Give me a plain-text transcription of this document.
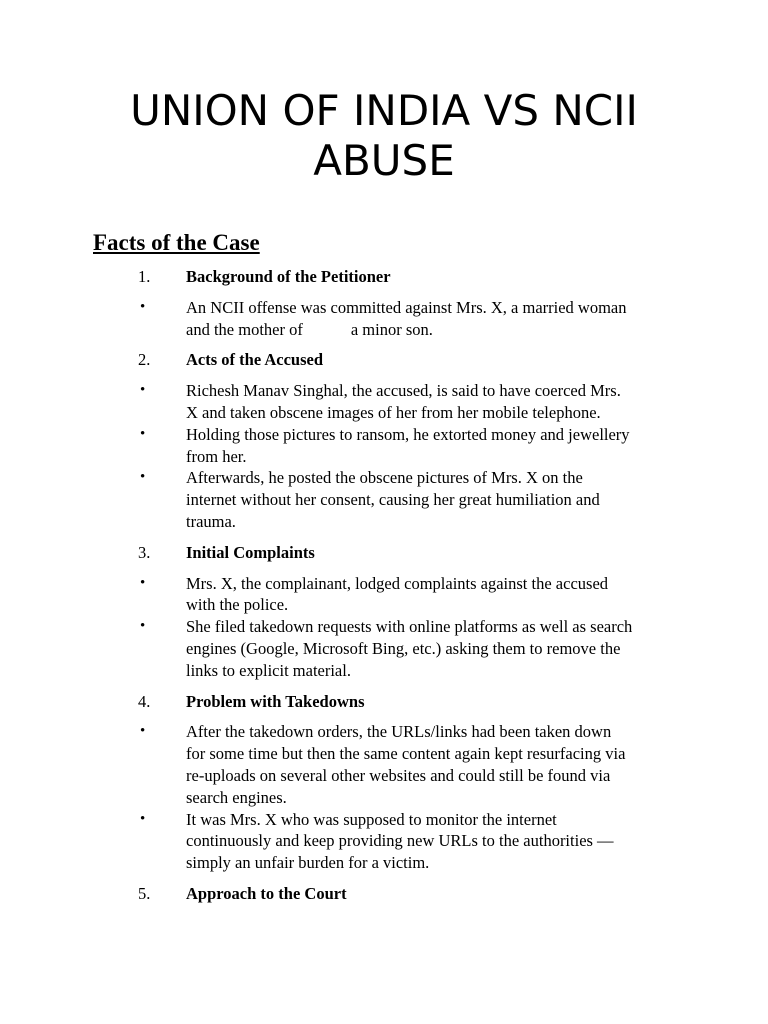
UNION OF INDIA VS NCII
ABUSE
Facts of the Case

1. Background of the Petitioner

• An NCII offense was committed against Mrs. X, a married woman
and the mother of	a minor son.

2. Acts of the Accused

• Richesh Manav Singhal, the accused, is said to have coerced Mrs.
X and taken obscene images of her from her mobile telephone.

• Holding those pictures to ransom, he extorted money and jewellery
from her.

• Afterwards, he posted the obscene pictures of Mrs. X on the
internet without her consent, causing her great humiliation and
trauma.

3. Initial Complaints

• Mrs. X, the complainant, lodged complaints against the accused
with the police.

• She filed takedown requests with online platforms as well as search
engines (Google, Microsoft Bing, etc.) asking them to remove the
links to explicit material.

4. Problem with Takedowns

• After the takedown orders, the URLs/links had been taken down
for some time but then the same content again kept resurfacing via
re-uploads on several other websites and could still be found via
search engines.

• It was Mrs. X who was supposed to monitor the internet
continuously and keep providing new URLs to the authorities —
simply an unfair burden for a victim.

5. Approach to the Court
